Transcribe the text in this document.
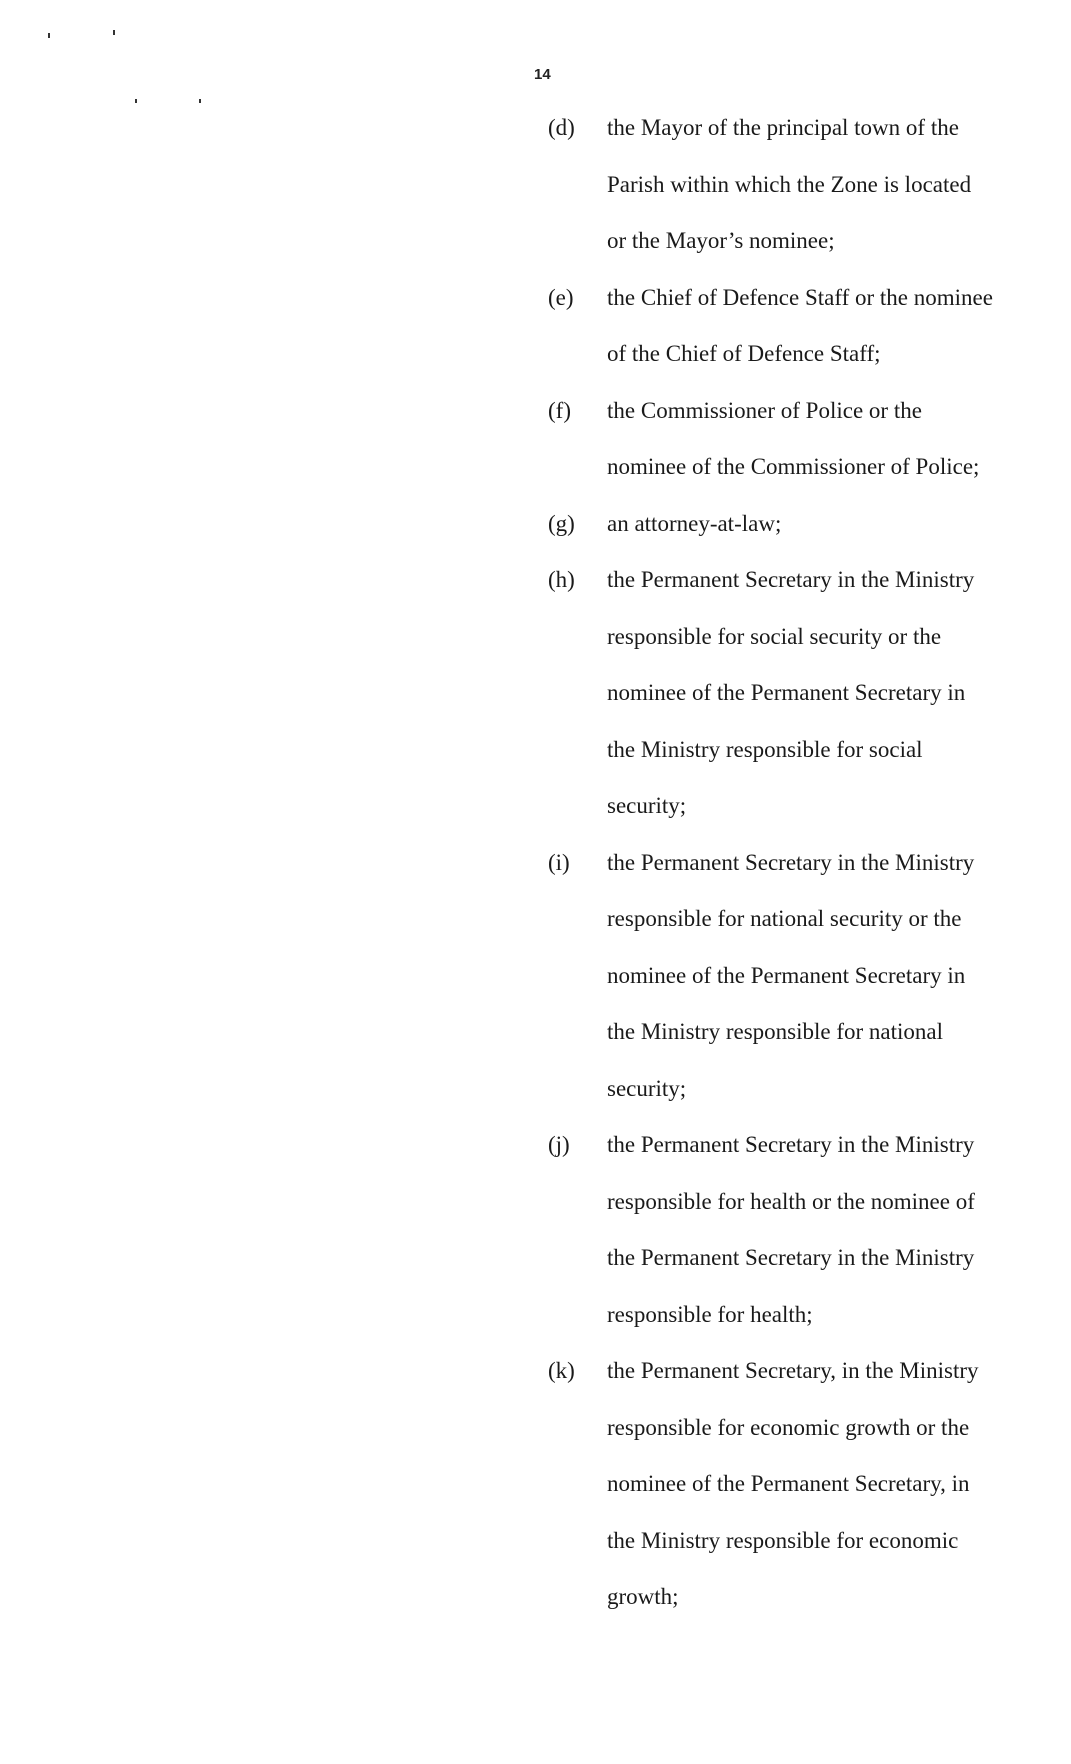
14
(d)	the Mayor of the principal town of the
Parish within which the Zone is located
or the Mayor’s nominee;
(e)	the Chief of Defence Staff or the nominee
of the Chief of Defence Staff;
(f)	the Commissioner of Police or the
nominee of the Commissioner of Police;
(g)	an attorney-at-law;
(h)	the Permanent Secretary in the Ministry
responsible for social security or the
nominee of the Permanent Secretary in
the Ministry responsible for social
security;
(i)	the Permanent Secretary in the Ministry
responsible for national security or the
nominee of the Permanent Secretary in
the Ministry responsible for national
security;
(j)	the Permanent Secretary in the Ministry
responsible for health or the nominee of
the Permanent Secretary in the Ministry
responsible for health;
(k)	the Permanent Secretary, in the Ministry
responsible for economic growth or the
nominee of the Permanent Secretary, in
the Ministry responsible for economic
growth;
